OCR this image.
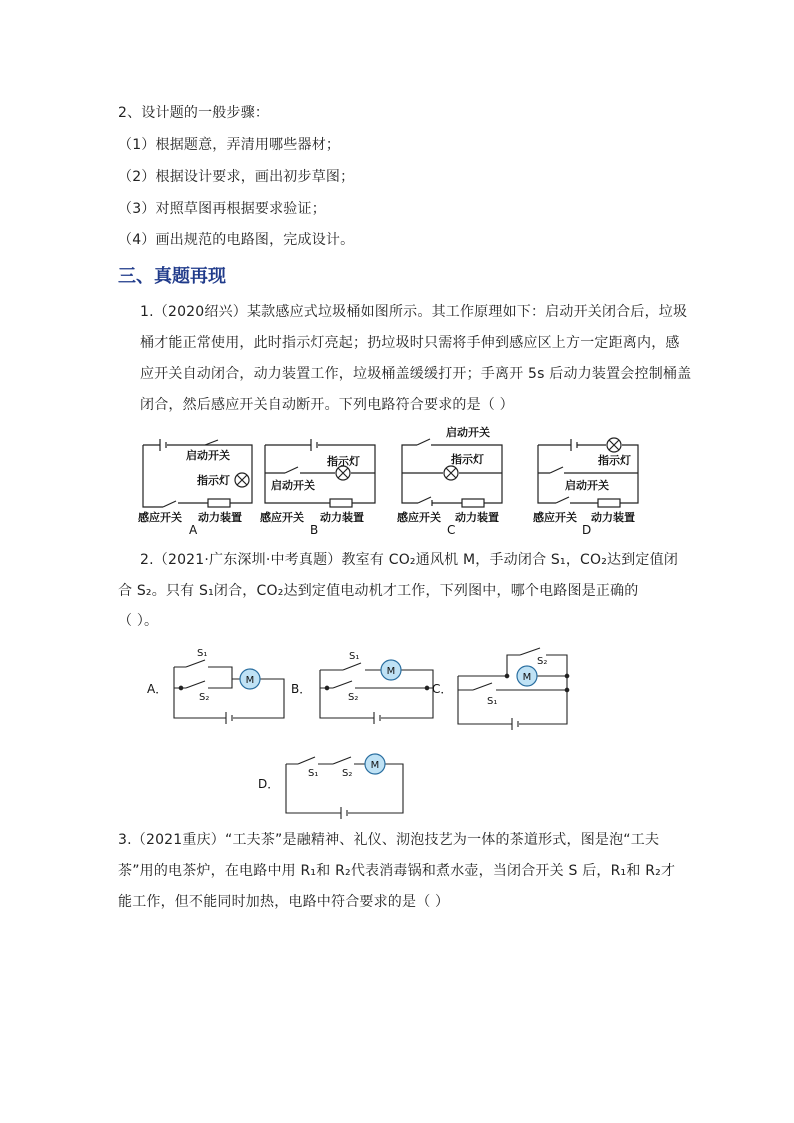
2、设计题的一般步骤：
（1）根据题意，弄清用哪些器材；
（2）根据设计要求，画出初步草图；
（3）对照草图再根据要求验证；
（4）画出规范的电路图，完成设计。
三、真题再现
1.（2020绍兴）某款感应式垃圾桶如图所示。其工作原理如下：启动开关闭合后，垃圾
桶才能正常使用，此时指示灯亮起；扔垃圾时只需将手伸到感应区上方一定距离内，感
应开关自动闭合，动力装置工作，垃圾桶盖缓缓打开；手离开 5s 后动力装置会控制桶盖
闭合，然后感应开关自动断开。下列电路符合要求的是（ ）
启动开关
指示灯
感应开关 动力装置
A
指示灯
启动开关
感应开关 动力装置
B
启动开关
指示灯
感应开关 动力装置
C
指示灯
启动开关
感应开关 动力装置
D
2.（2021·广东深圳·中考真题）教室有 CO₂通风机 M，手动闭合 S₁，CO₂达到定值闭
合 S₂。只有 S₁闭合，CO₂达到定值电动机才工作，下列图中，哪个电路图是正确的
（ ）。
M
M
M
M
S₁
S₂
S₁
S₂
S₂
S₁
S₁ S₂
A．	B．	C．
D．
3.（2021重庆）“工夫茶”是融精神、礼仪、沏泡技艺为一体的茶道形式，图是泡“工夫
茶”用的电茶炉，在电路中用 R₁和 R₂代表消毒锅和煮水壶，当闭合开关 S 后，R₁和 R₂才
能工作，但不能同时加热，电路中符合要求的是（ ）
